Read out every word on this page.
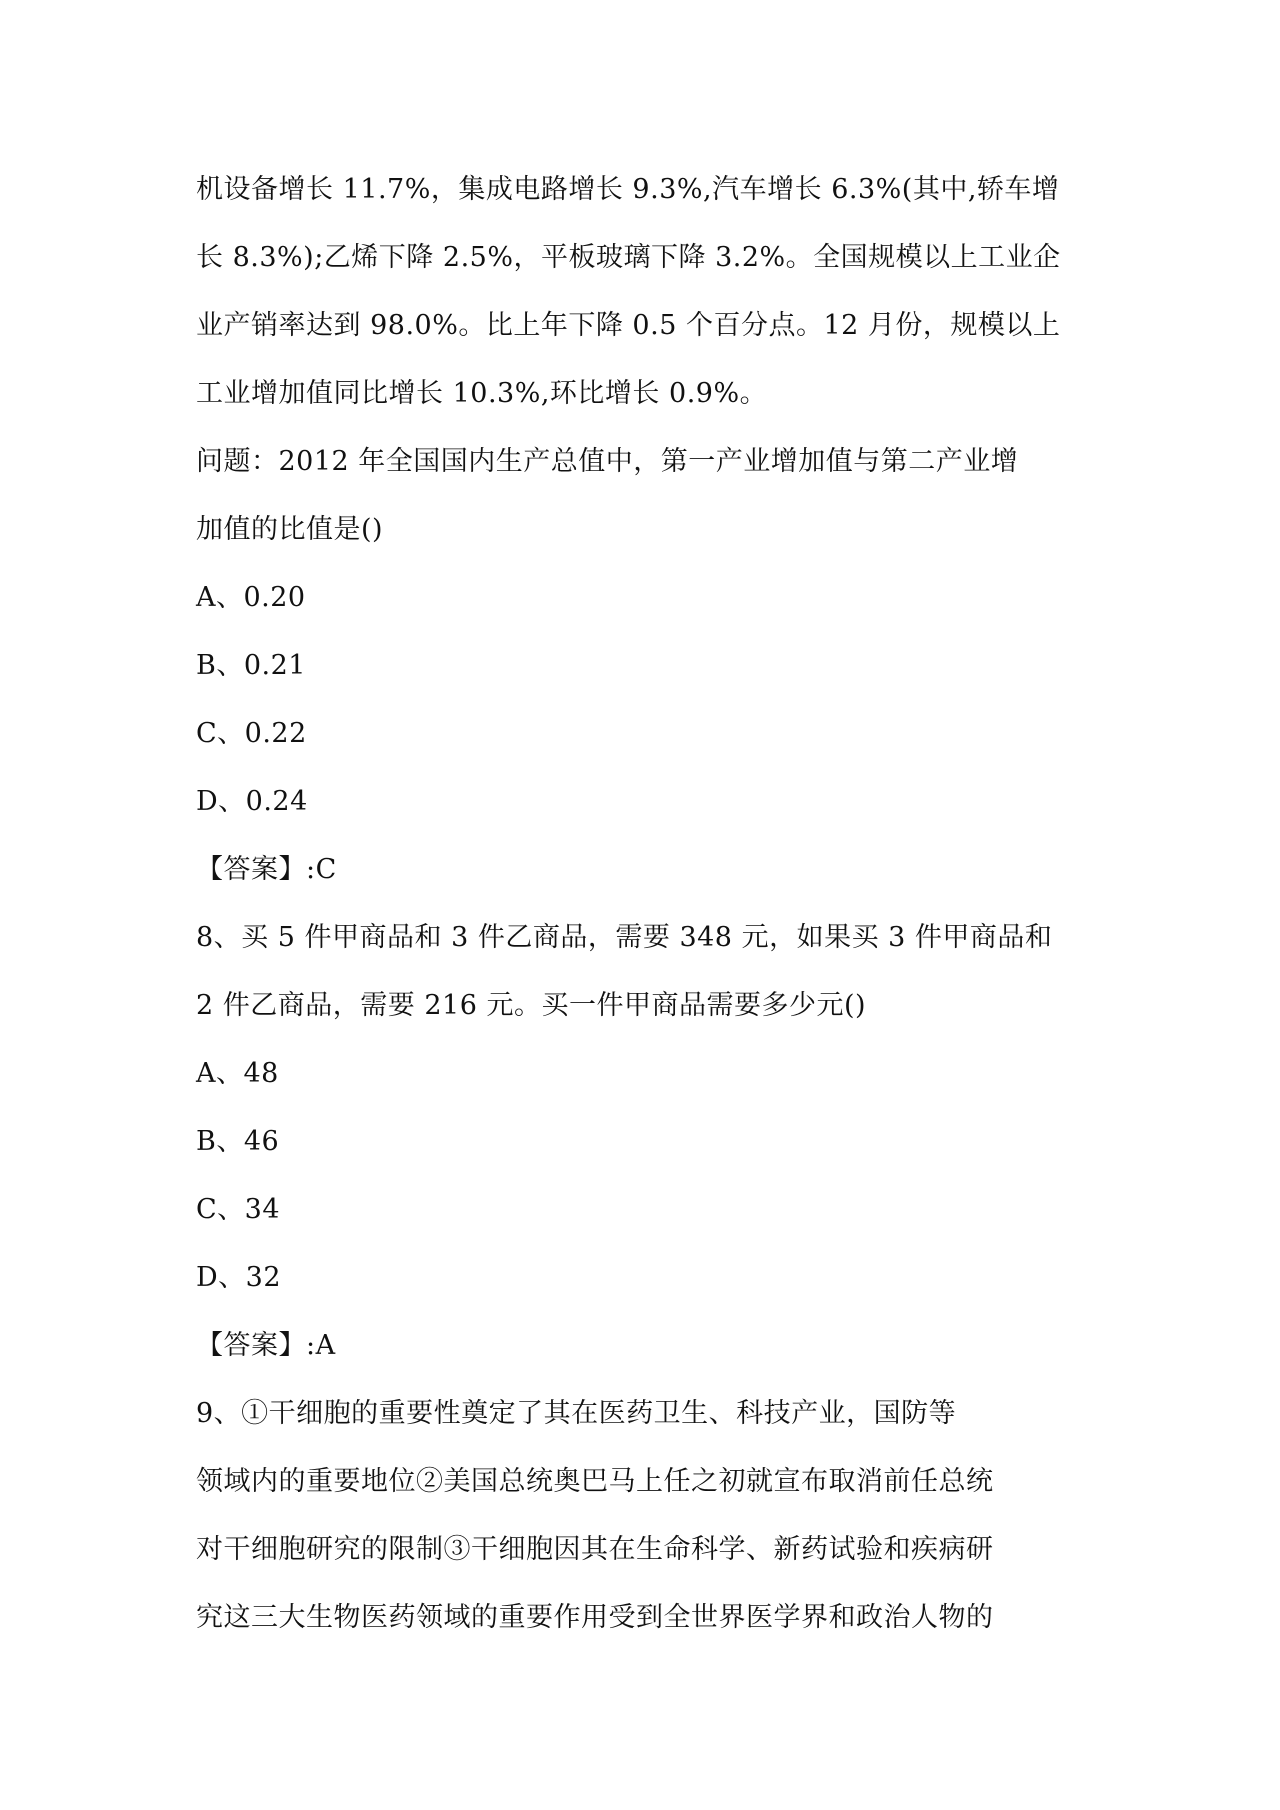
机设备增长 11.7%，集成电路增长 9.3%,汽车增长 6.3%(其中,轿车增
长 8.3%);乙烯下降 2.5%，平板玻璃下降 3.2%。全国规模以上工业企
业产销率达到 98.0%。比上年下降 0.5 个百分点。12 月份，规模以上
工业增加值同比增长 10.3%,环比增长 0.9%。
问题：2012 年全国国内生产总值中，第一产业增加值与第二产业增
加值的比值是()
A、0.20
B、0.21
C、0.22
D、0.24
【答案】:C
8、买 5 件甲商品和 3 件乙商品，需要 348 元，如果买 3 件甲商品和
2 件乙商品，需要 216 元。买一件甲商品需要多少元()
A、48
B、46
C、34
D、32
【答案】:A
9、①干细胞的重要性奠定了其在医药卫生、科技产业，国防等
领域内的重要地位②美国总统奥巴马上任之初就宣布取消前任总统
对干细胞研究的限制③干细胞因其在生命科学、新药试验和疾病研
究这三大生物医药领域的重要作用受到全世界医学界和政治人物的
